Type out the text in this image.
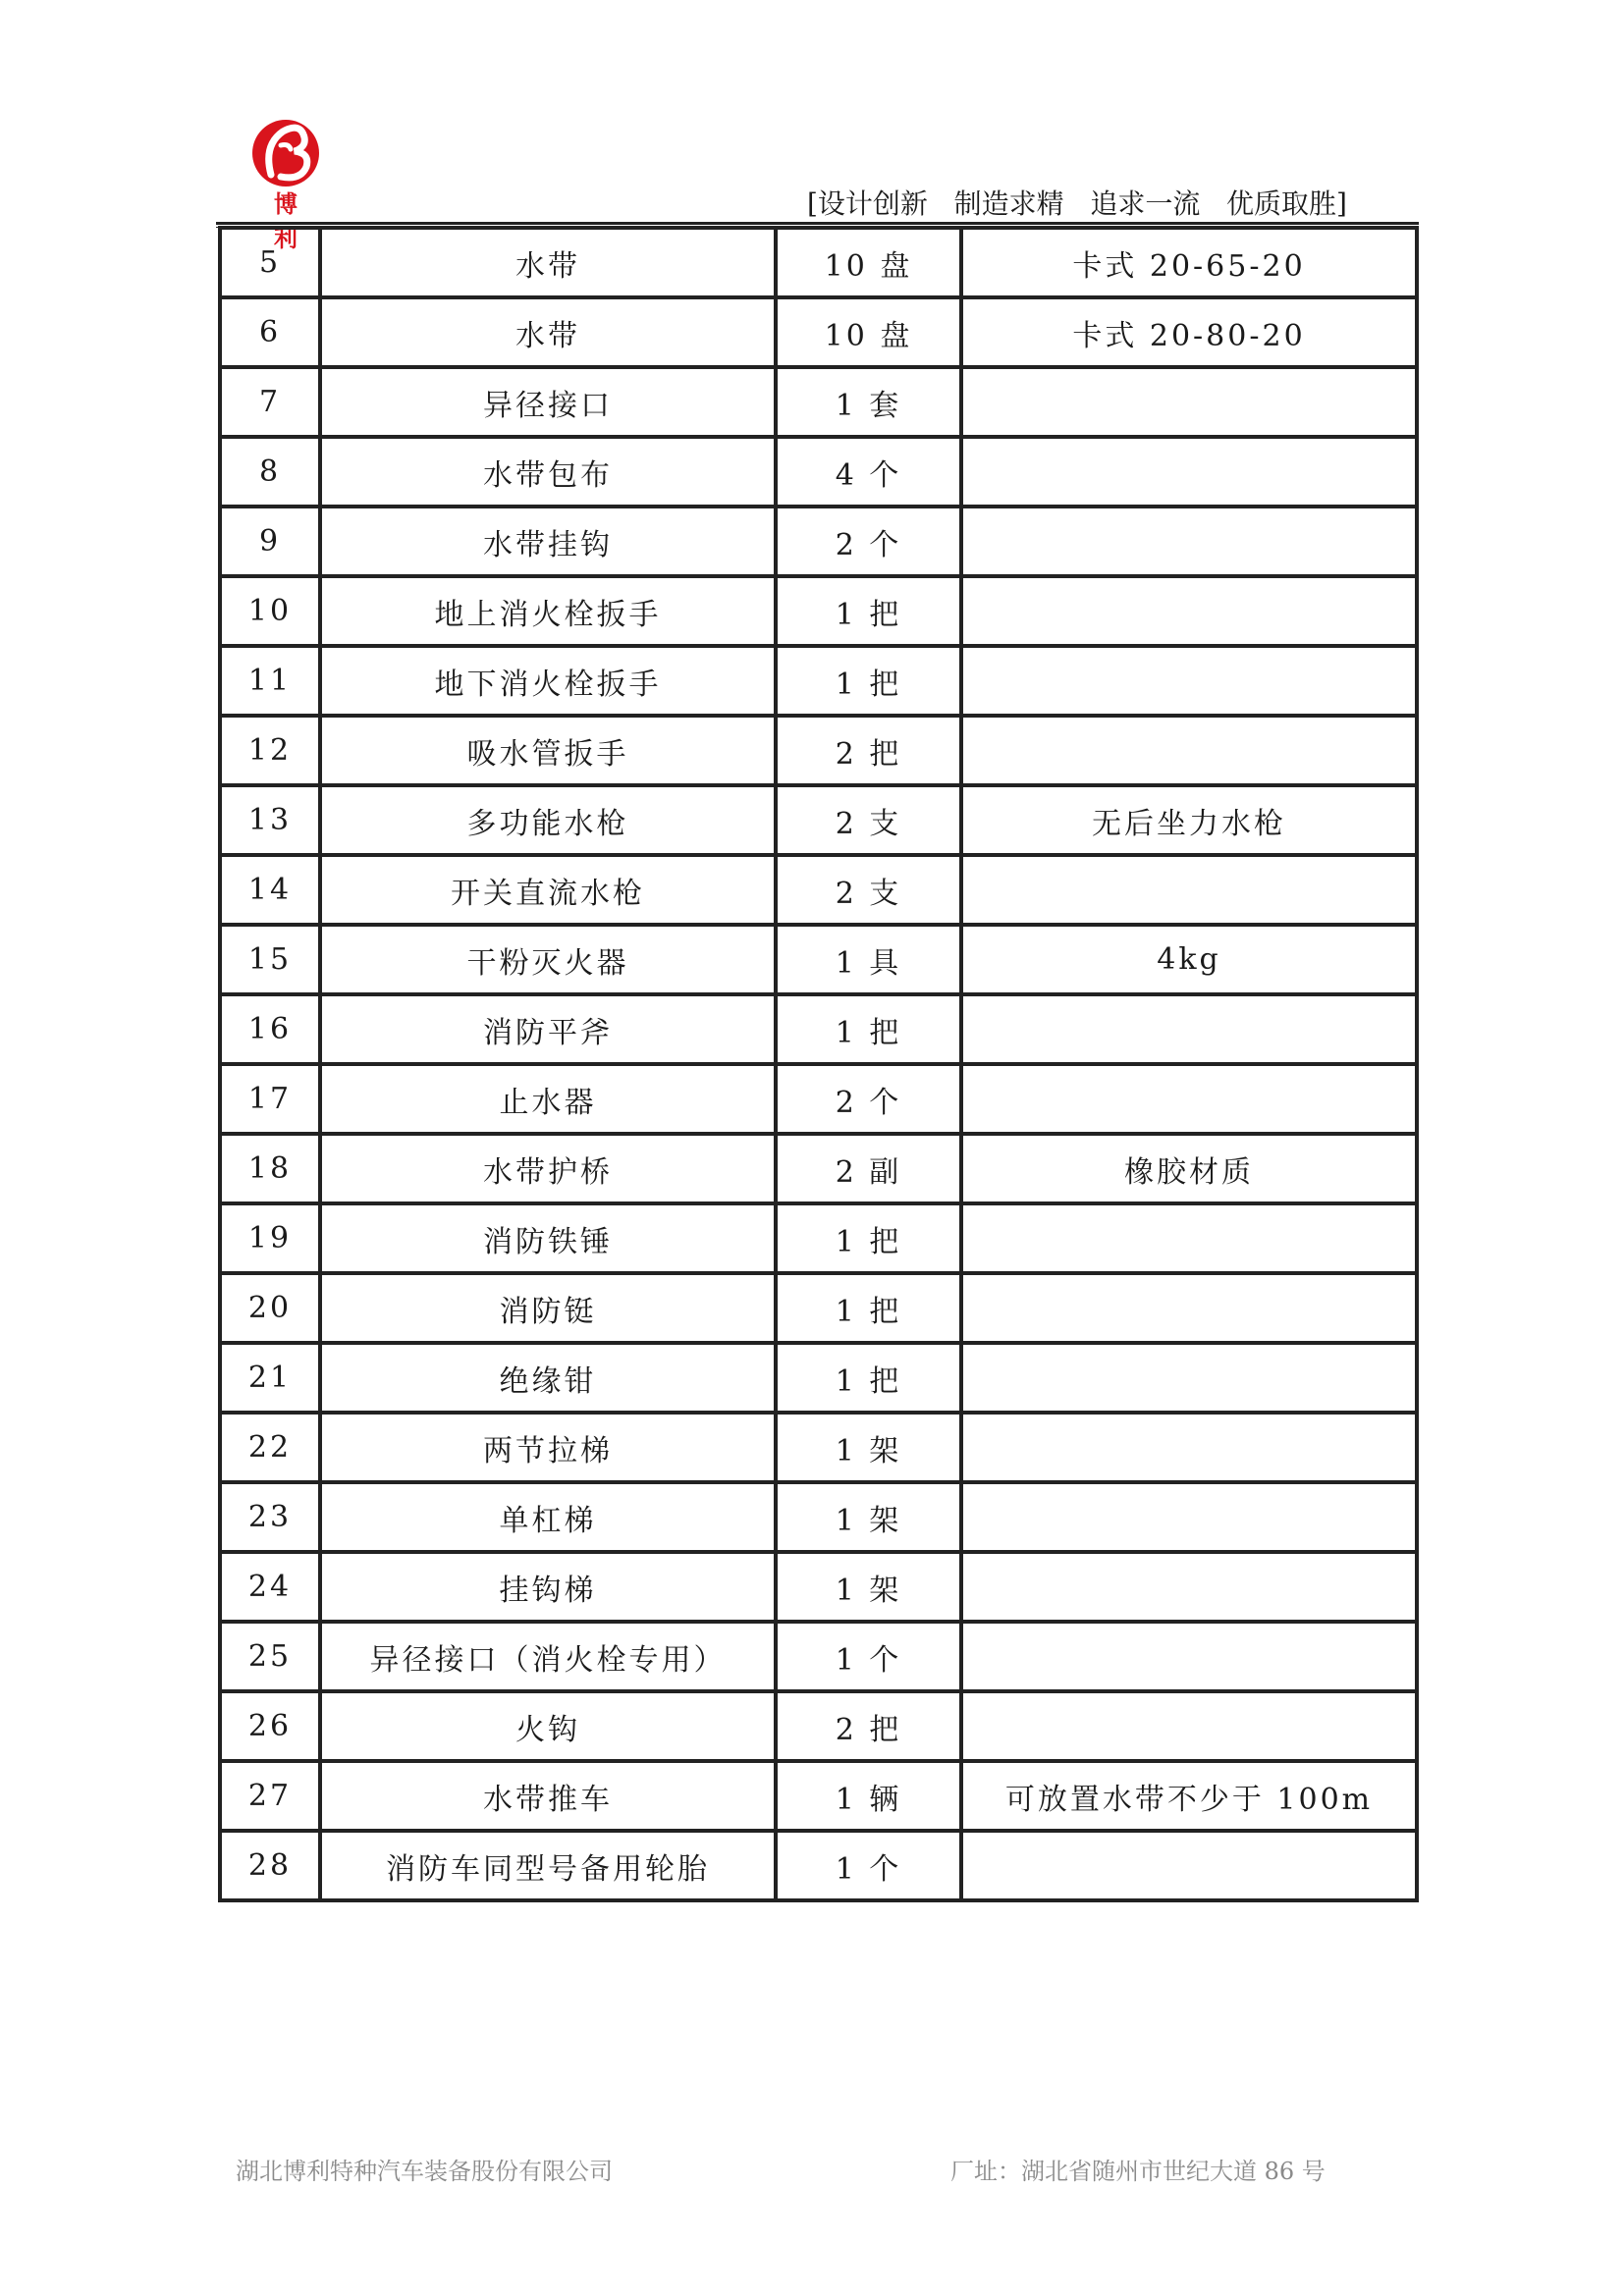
博 利
[设计创新   制造求精   追求一流   优质取胜]
5	水带	10 盘	卡式 20-65-20
6	水带	10 盘	卡式 20-80-20
7	异径接口	1 套	
8	水带包布	4 个	
9	水带挂钩	2 个	
10	地上消火栓扳手	1 把	
11	地下消火栓扳手	1 把	
12	吸水管扳手	2 把	
13	多功能水枪	2 支	无后坐力水枪
14	开关直流水枪	2 支	
15	干粉灭火器	1 具	4kg
16	消防平斧	1 把	
17	止水器	2 个	
18	水带护桥	2 副	橡胶材质
19	消防铁锤	1 把	
20	消防铤	1 把	
21	绝缘钳	1 把	
22	两节拉梯	1 架	
23	单杠梯	1 架	
24	挂钩梯	1 架	
25	异径接口（消火栓专用）	1 个	
26	火钩	2 把	
27	水带推车	1 辆	可放置水带不少于 100m
28	消防车同型号备用轮胎	1 个	
湖北博利特种汽车装备股份有限公司	厂址：湖北省随州市世纪大道 86 号
